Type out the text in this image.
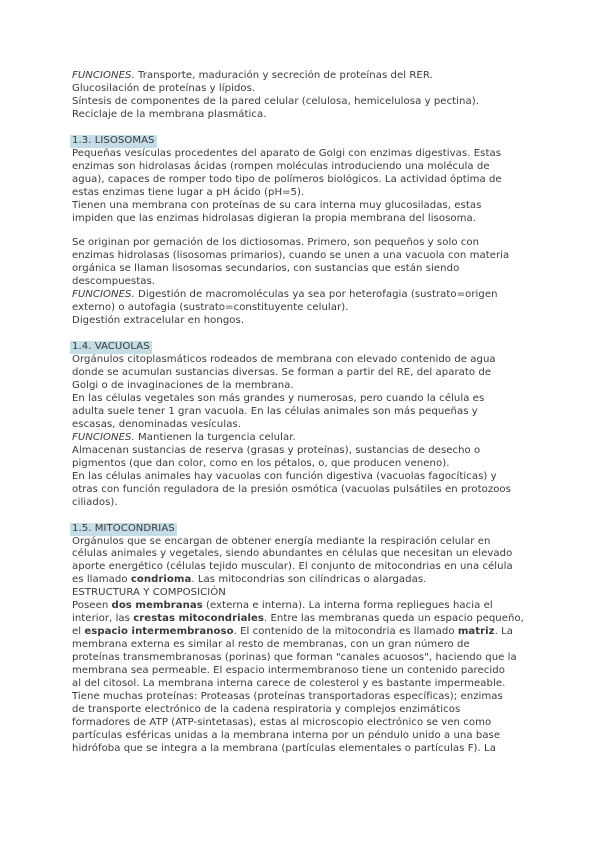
FUNCIONES. Transporte, maduración y secreción de proteínas del RER.
Glucosilación de proteínas y lípidos.
Síntesis de componentes de la pared celular (celulosa, hemicelulosa y pectina).
Reciclaje de la membrana plasmática.
1.3. LISOSOMAS
Pequeñas vesículas procedentes del aparato de Golgi con enzimas digestivas. Estas
enzimas son hidrolasas ácidas (rompen moléculas introduciendo una molécula de
agua), capaces de romper todo tipo de polímeros biológicos. La actividad óptima de
estas enzimas tiene lugar a pH ácido (pH=5).
Tienen una membrana con proteínas de su cara interna muy glucosiladas, estas
impiden que las enzimas hidrolasas digieran la propia membrana del lisosoma.
Se originan por gemación de los dictiosomas. Primero, son pequeños y solo con
enzimas hidrolasas (lisosomas primarios), cuando se unen a una vacuola con materia
orgánica se llaman lisosomas secundarios, con sustancias que están siendo
descompuestas.
FUNCIONES. Digestión de macromoléculas ya sea por heterofagia (sustrato=origen
externo) o autofagia (sustrato=constituyente celular).
Digestión extracelular en hongos.
1.4. VACUOLAS
Orgánulos citoplasmáticos rodeados de membrana con elevado contenido de agua
donde se acumulan sustancias diversas. Se forman a partir del RE, del aparato de
Golgi o de invaginaciones de la membrana.
En las células vegetales son más grandes y numerosas, pero cuando la célula es
adulta suele tener 1 gran vacuola. En las células animales son más pequeñas y
escasas, denominadas vesículas.
FUNCIONES. Mantienen la turgencia celular.
Almacenan sustancias de reserva (grasas y proteínas), sustancias de desecho o
pigmentos (que dan color, como en los pétalos, o, que producen veneno).
En las células animales hay vacuolas con función digestiva (vacuolas fagocíticas) y
otras con función reguladora de la presión osmótica (vacuolas pulsátiles en protozoos
ciliados).
1.5. MITOCONDRIAS
Orgánulos que se encargan de obtener energía mediante la respiración celular en
células animales y vegetales, siendo abundantes en células que necesitan un elevado
aporte energético (células tejido muscular). El conjunto de mitocondrias en una célula
es llamado condrioma. Las mitocondrias son cilíndricas o alargadas.
ESTRUCTURA Y COMPOSICIÓN
Poseen dos membranas (externa e interna). La interna forma repliegues hacia el
interior, las crestas mitocondriales. Entre las membranas queda un espacio pequeño,
el espacio intermembranoso. El contenido de la mitocondria es llamado matriz. La
membrana externa es similar al resto de membranas, con un gran número de
proteínas transmembranosas (porinas) que forman "canales acuosos", haciendo que la
membrana sea permeable. El espacio intermembranoso tiene un contenido parecido
al del citosol. La membrana interna carece de colesterol y es bastante impermeable.
Tiene muchas proteínas: Proteasas (proteínas transportadoras específicas); enzimas
de transporte electrónico de la cadena respiratoria y complejos enzimáticos
formadores de ATP (ATP-sintetasas), estas al microscopio electrónico se ven como
partículas esféricas unidas a la membrana interna por un péndulo unido a una base
hidrófoba que se integra a la membrana (partículas elementales o partículas F). La
